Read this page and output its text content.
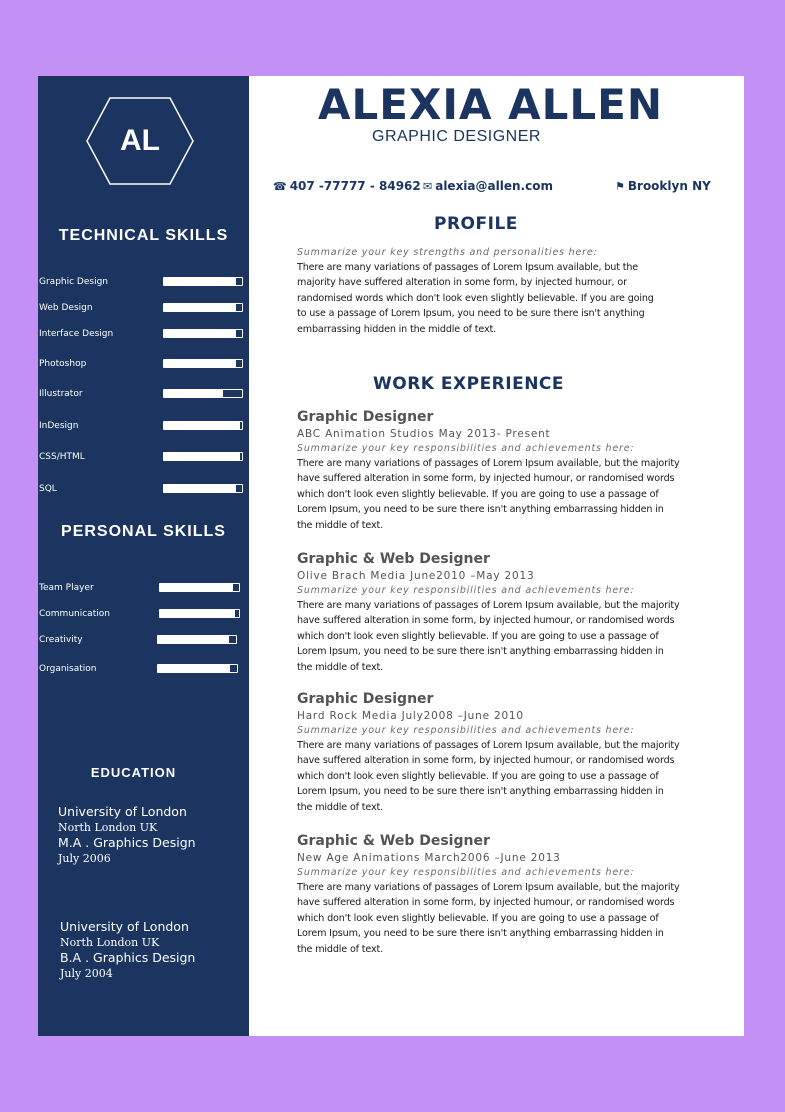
AL
TECHNICAL SKILLS
Graphic Design
Web Design
Interface Design
Photoshop
Illustrator
InDesign
CSS/HTML
SQL
PERSONAL SKILLS
Team Player
Communication
Creativity
Organisation
EDUCATION
University of London
North London UK
M.A . Graphics Design
July 2006
University of London
North London UK
B.A . Graphics Design
July 2004
ALEXIA ALLEN
GRAPHIC DESIGNER
☎ 407 -77777 - 84962 ✉ alexia@allen.com	⚑ Brooklyn NY
PROFILE
Summarize your key strengths and personalities here:
There are many variations of passages of Lorem Ipsum available, but the
majority have suffered alteration in some form, by injected humour, or
randomised words which don't look even slightly believable. If you are going
to use a passage of Lorem Ipsum, you need to be sure there isn't anything
embarrassing hidden in the middle of text.
WORK EXPERIENCE
Graphic Designer
ABC Animation Studios May 2013- Present
Summarize your key responsibilities and achievements here:
There are many variations of passages of Lorem Ipsum available, but the majority
have suffered alteration in some form, by injected humour, or randomised words
which don't look even slightly believable. If you are going to use a passage of
Lorem Ipsum, you need to be sure there isn't anything embarrassing hidden in
the middle of text.
Graphic & Web Designer
Olive Brach Media June2010 –May 2013
Summarize your key responsibilities and achievements here:
There are many variations of passages of Lorem Ipsum available, but the majority
have suffered alteration in some form, by injected humour, or randomised words
which don't look even slightly believable. If you are going to use a passage of
Lorem Ipsum, you need to be sure there isn't anything embarrassing hidden in
the middle of text.
Graphic Designer
Hard Rock Media July2008 –June 2010
Summarize your key responsibilities and achievements here:
There are many variations of passages of Lorem Ipsum available, but the majority
have suffered alteration in some form, by injected humour, or randomised words
which don't look even slightly believable. If you are going to use a passage of
Lorem Ipsum, you need to be sure there isn't anything embarrassing hidden in
the middle of text.
Graphic & Web Designer
New Age Animations March2006 –June 2013
Summarize your key responsibilities and achievements here:
There are many variations of passages of Lorem Ipsum available, but the majority
have suffered alteration in some form, by injected humour, or randomised words
which don't look even slightly believable. If you are going to use a passage of
Lorem Ipsum, you need to be sure there isn't anything embarrassing hidden in
the middle of text.
